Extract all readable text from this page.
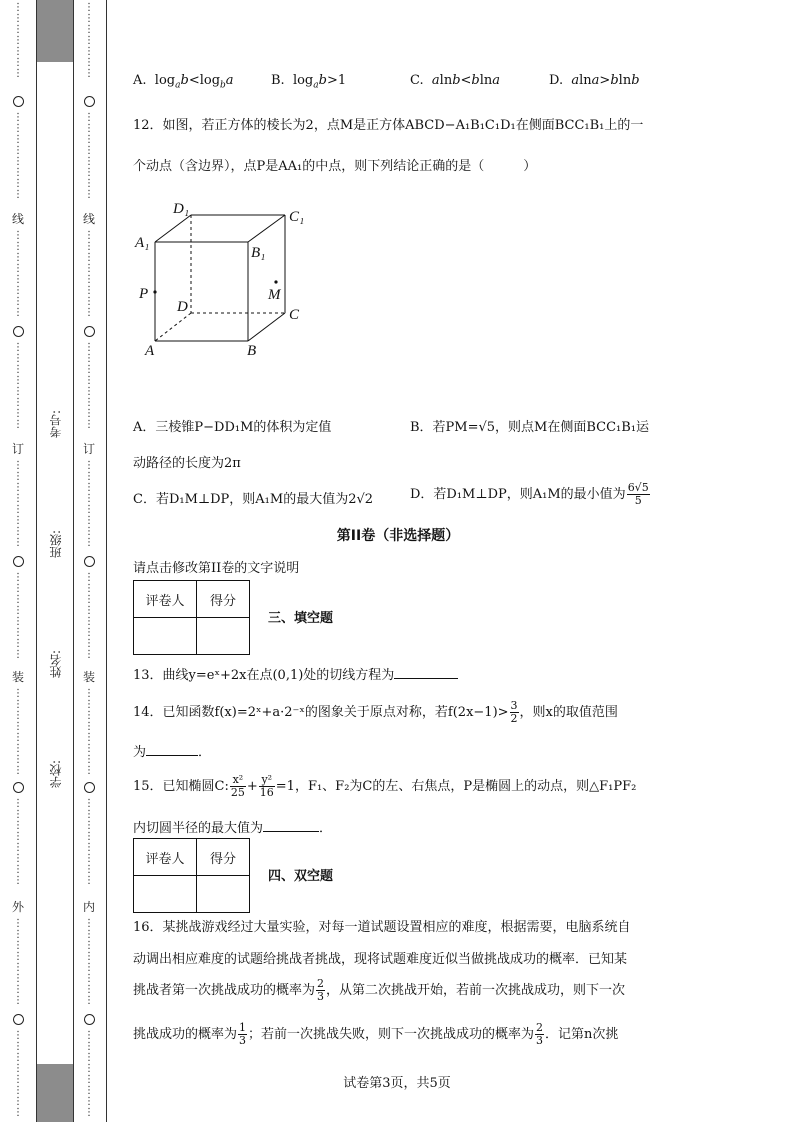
⋮
⋮
⋮
⋮
⋮
⋮
⋮
⋮
⋮
⋮
⋮
⋮
⋮
⋮
⋮
线
⋮
⋮
⋮
⋮
⋮
⋮
⋮
⋮
⋮
⋮
⋮
⋮
⋮
⋮
⋮
⋮
订
⋮
⋮
⋮
⋮
⋮
⋮
⋮
⋮
⋮
⋮
⋮
⋮
⋮
⋮
⋮
⋮
装
⋮
⋮
⋮
⋮
⋮
⋮
⋮
⋮
⋮
⋮
⋮
⋮
⋮
⋮
⋮
⋮
外
⋮
⋮
⋮
⋮
⋮
⋮
⋮
⋮
⋮
⋮
⋮
⋮
⋮
⋮
⋮
⋮
考号:
班级:
姓名:
学校:
⋮
⋮
⋮
⋮
⋮
⋮
⋮
⋮
⋮
⋮
⋮
⋮
⋮
⋮
⋮
线
⋮
⋮
⋮
⋮
⋮
⋮
⋮
⋮
⋮
⋮
⋮
⋮
⋮
⋮
⋮
⋮
订
⋮
⋮
⋮
⋮
⋮
⋮
⋮
⋮
⋮
⋮
⋮
⋮
⋮
⋮
⋮
⋮
装
⋮
⋮
⋮
⋮
⋮
⋮
⋮
⋮
⋮
⋮
⋮
⋮
⋮
⋮
⋮
⋮
内
⋮
⋮
⋮
⋮
⋮
⋮
⋮
⋮
⋮
⋮
⋮
⋮
⋮
⋮
⋮
⋮
A.  $\log_ab<\log_ba$	B.  $\log_ab>1$	C. alnb<blna	D. alna>blnb
12．如图，若正方体的棱长为2，点M是正方体ABCD−A₁B₁C₁D₁在侧面BCC₁B₁上的一
个动点（含边界），点P是AA₁的中点，则下列结论正确的是（　　　）
D₁	C₁
A₁
B₁
P
D
M
C
A	B
A．三棱锥P−DD₁M的体积为定值	B．若PM=√5，则点M在侧面BCC₁B₁运
动路径的长度为2π
C．若D₁M⊥DP，则A₁M的最大值为2√2	D．若D₁M⊥DP，则A₁M的最小值为 $\frac{6√5}{5}$
第II卷（非选择题）
请点击修改第II卷的文字说明
评卷人	得分

三、填空题
13．曲线y=eˣ+2x在点(0,1)处的切线方程为
14．已知函数f(x)=2ˣ+a·2⁻ˣ的图象关于原点对称，若$f(2x-1)> \frac{3}{2}$ ，则x的取值范围
为	．
15．已知椭圆C: $\frac{\text{x²}}{25} + \frac{\text{y²}}{16} =1$，F₁、F₂为C的左、右焦点，P是椭圆上的动点，则△F₁PF₂
内切圆半径的最大值为	．
评卷人	得分

四、双空题
16．某挑战游戏经过大量实验，对每一道试题设置相应的难度，根据需要，电脑系统自
动调出相应难度的试题给挑战者挑战，现将试题难度近似当做挑战成功的概率．已知某
挑战者第一次挑战成功的概率为 $\frac{2}{3}$ ，从第二次挑战开始，若前一次挑战成功，则下一次
挑战成功的概率为 $\frac{1}{3}$ ；若前一次挑战失败，则下一次挑战成功的概率为 $\frac{2}{3}$ ．记第n次挑
试卷第3页，共5页
